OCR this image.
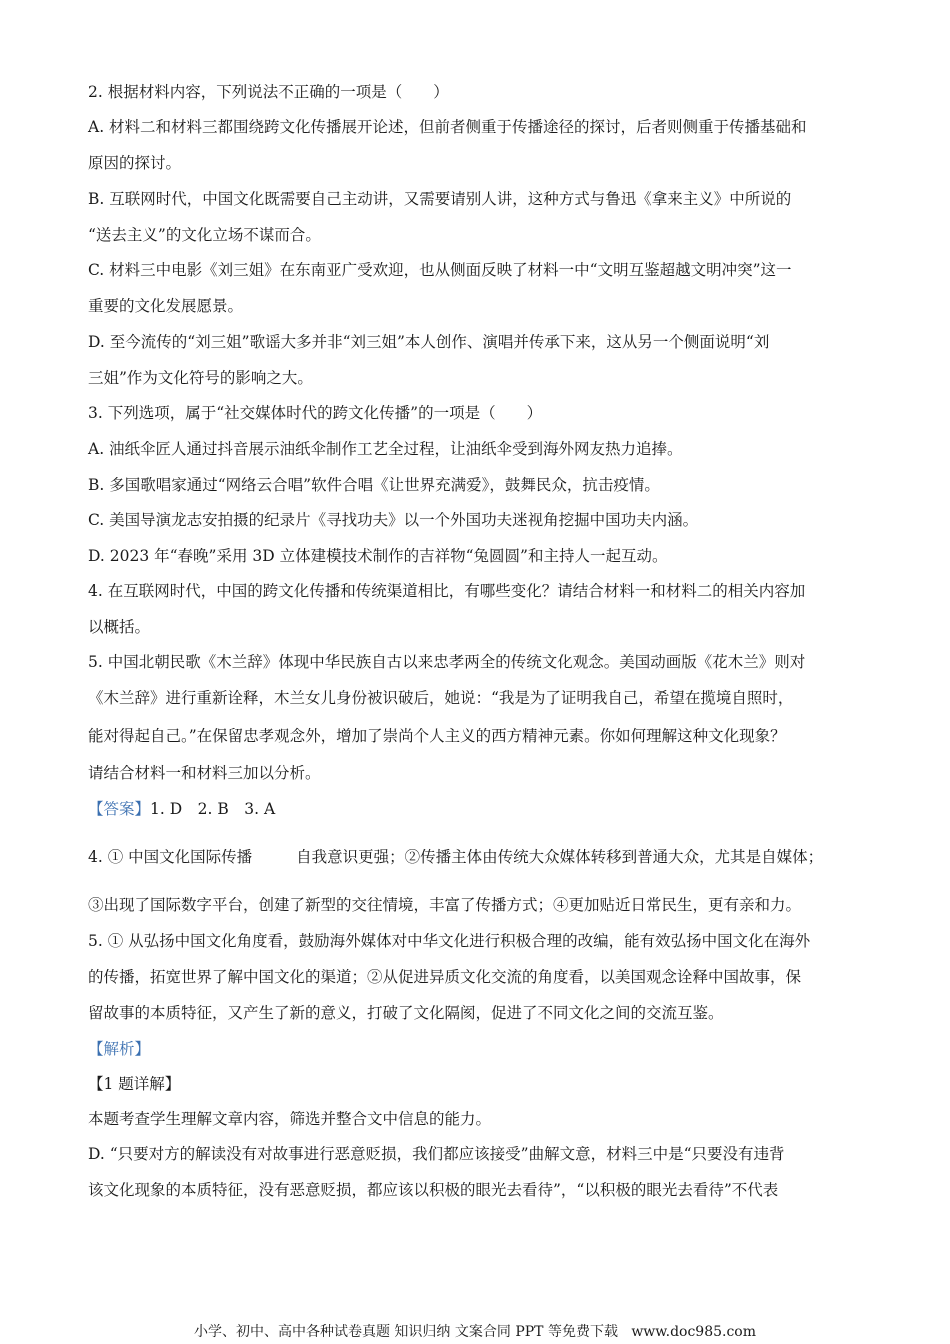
2. 根据材料内容，下列说法不正确的一项是（　　）
A. 材料二和材料三都围绕跨文化传播展开论述，但前者侧重于传播途径的探讨，后者则侧重于传播基础和
原因的探讨。
B. 互联网时代，中国文化既需要自己主动讲，又需要请别人讲，这种方式与鲁迅《拿来主义》中所说的
“送去主义”的文化立场不谋而合。
C. 材料三中电影《刘三姐》在东南亚广受欢迎，也从侧面反映了材料一中“文明互鉴超越文明冲突”这一
重要的文化发展愿景。
D. 至今流传的“刘三姐”歌谣大多并非“刘三姐”本人创作、演唱并传承下来，这从另一个侧面说明“刘
三姐”作为文化符号的影响之大。
3. 下列选项，属于“社交媒体时代的跨文化传播”的一项是（　　）
A. 油纸伞匠人通过抖音展示油纸伞制作工艺全过程，让油纸伞受到海外网友热力追捧。
B. 多国歌唱家通过“网络云合唱”软件合唱《让世界充满爱》，鼓舞民众，抗击疫情。
C. 美国导演龙志安拍摄的纪录片《寻找功夫》以一个外国功夫迷视角挖掘中国功夫内涵。
D. 2023 年“春晚”采用 3D 立体建模技术制作的吉祥物“兔圆圆”和主持人一起互动。
4. 在互联网时代，中国的跨文化传播和传统渠道相比，有哪些变化？请结合材料一和材料二的相关内容加
以概括。
5. 中国北朝民歌《木兰辞》体现中华民族自古以来忠孝两全的传统文化观念。美国动画版《花木兰》则对
《木兰辞》进行重新诠释，木兰女儿身份被识破后，她说：“我是为了证明我自己，希望在揽境自照时，
能对得起自己。”在保留忠孝观念外，增加了崇尚个人主义的西方精神元素。你如何理解这种文化现象？
请结合材料一和材料三加以分析。
【答案】1. D　2. B　3. A
4. ① 中国文化国际传播	自我意识更强；②传播主体由传统大众媒体转移到普通大众，尤其是自媒体；
③出现了国际数字平台，创建了新型的交往情境，丰富了传播方式；④更加贴近日常民生，更有亲和力。
5. ① 从弘扬中国文化角度看，鼓励海外媒体对中华文化进行积极合理的改编，能有效弘扬中国文化在海外
的传播，拓宽世界了解中国文化的渠道；②从促进异质文化交流的角度看，以美国观念诠释中国故事，保
留故事的本质特征，又产生了新的意义，打破了文化隔阂，促进了不同文化之间的交流互鉴。
【解析】
【1 题详解】
本题考查学生理解文章内容，筛选并整合文中信息的能力。
D. “只要对方的解读没有对故事进行恶意贬损，我们都应该接受”曲解文意，材料三中是“只要没有违背
该文化现象的本质特征，没有恶意贬损，都应该以积极的眼光去看待”，“以积极的眼光去看待”不代表
小学、初中、高中各种试卷真题 知识归纳 文案合同 PPT 等免费下载 www.doc985.com
